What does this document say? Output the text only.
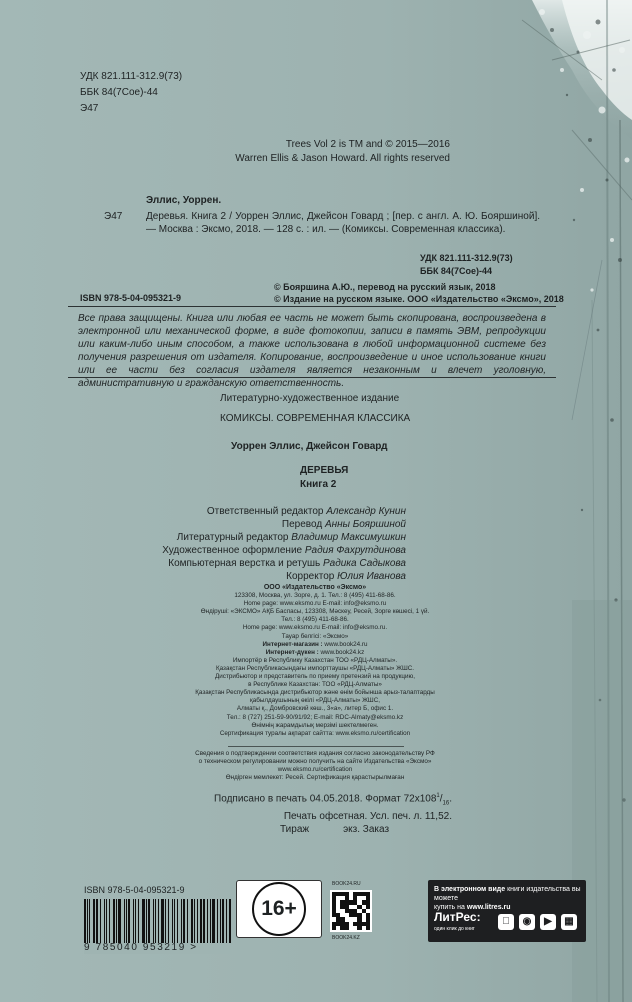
УДК 821.111-312.9(73)

ББК 84(7Сое)-44

Э47

Trees Vol 2 is TM and © 2015—2016

Warren Ellis & Jason Howard. All rights reserved

Эллис, Уоррен.

Э47 Деревья. Книга 2 / Уоррен Эллис, Джейсон Говард ; [пер. с англ. А. Ю. Бояршиной]. — Москва : Эксмо, 2018. — 128 с. : ил. — (Комиксы. Современная классика).

УДК 821.111-312.9(73)

ББК 84(7Сое)-44

ISBN 978-5-04-095321-9

© Бояршина А.Ю., перевод на русский язык, 2018

© Издание на русском языке. ООО «Издательство «Эксмо», 2018

Все права защищены. Книга или любая ее часть не может быть скопирована, воспроизведена в электронной или механической форме, в виде фотокопии, записи в память ЭВМ, репродукции или каким-либо иным способом, а также использована в любой информационной системе без получения разрешения от издателя. Копирование, воспроизведение и иное использование книги или ее части без согласия издателя является незаконным и влечет уголовную, административную и гражданскую ответственность.

Литературно-художественное издание

КОМИКСЫ. СОВРЕМЕННАЯ КЛАССИКА

Уоррен Эллис, Джейсон Говард

ДЕРЕВЬЯ

Книга 2

Ответственный редактор Александр Кунин
Перевод Анны Бояршиной
Литературный редактор Владимир Максимушкин
Художественное оформление Радия Фахрутдинова
Компьютерная верстка и ретушь Радика Садыкова
Корректор Юлия Иванова

ООО «Издательство «Эксмо»

123308, Москва, ул. Зорге, д. 1. Тел.: 8 (495) 411-68-86.

Home page: www.eksmo.ru E-mail: info@eksmo.ru

Өндіруші: «ЭКСМО» АҚБ Баспасы, 123308, Мәскеу, Ресей, Зорге көшесі, 1 үй.

Тел.: 8 (495) 411-68-86.

Home page: www.eksmo.ru E-mail: info@eksmo.ru.

Тауар белгісі: «Эксмо»

Интернет-магазин : www.book24.ru

Интернет-дүкен : www.book24.kz

Импортёр в Республику Казахстан ТОО «РДЦ-Алматы».

Қазақстан Республикасындағы импорттаушы «РДЦ-Алматы» ЖШС.

Дистрибьютор и представитель по приему претензий на продукцию,

в Республике Казахстан: ТОО «РДЦ-Алматы»

Қазақстан Республикасында дистрибьютор және өнім бойынша арыз-талаптарды

қабылдаушының өкілі «РДЦ-Алматы» ЖШС,

Алматы қ., Домбровский көш., 3«а», литер Б, офис 1.

Тел.: 8 (727) 251-59-90/91/92; E-mail: RDC-Almaty@eksmo.kz

Өнімнің жарамдылық мерзімі шектелмеген.

Сертификация туралы ақпарат сайтта: www.eksmo.ru/certification

Сведения о подтверждении соответствия издания согласно законодательству РФ

о техническом регулировании можно получить на сайте Издательства «Эксмо»

www.eksmo.ru/certification

Өндірген мемлекет: Ресей. Сертификация қарастырылмаған

Подписано в печать 04.05.2018. Формат $72x108^1/_{16}$.
Печать офсетная. Усл. печ. л. 11,52.
Тираж	экз. Заказ
ISBN 978-5-04-095321-9
9 785040 953219 >
16+
BOOK24.RU
BOOK24.KZ
В электронном виде книги издательства вы можете
купить на www.litres.ru
ЛитРес:
один клик до книг
◉	▶	▦
